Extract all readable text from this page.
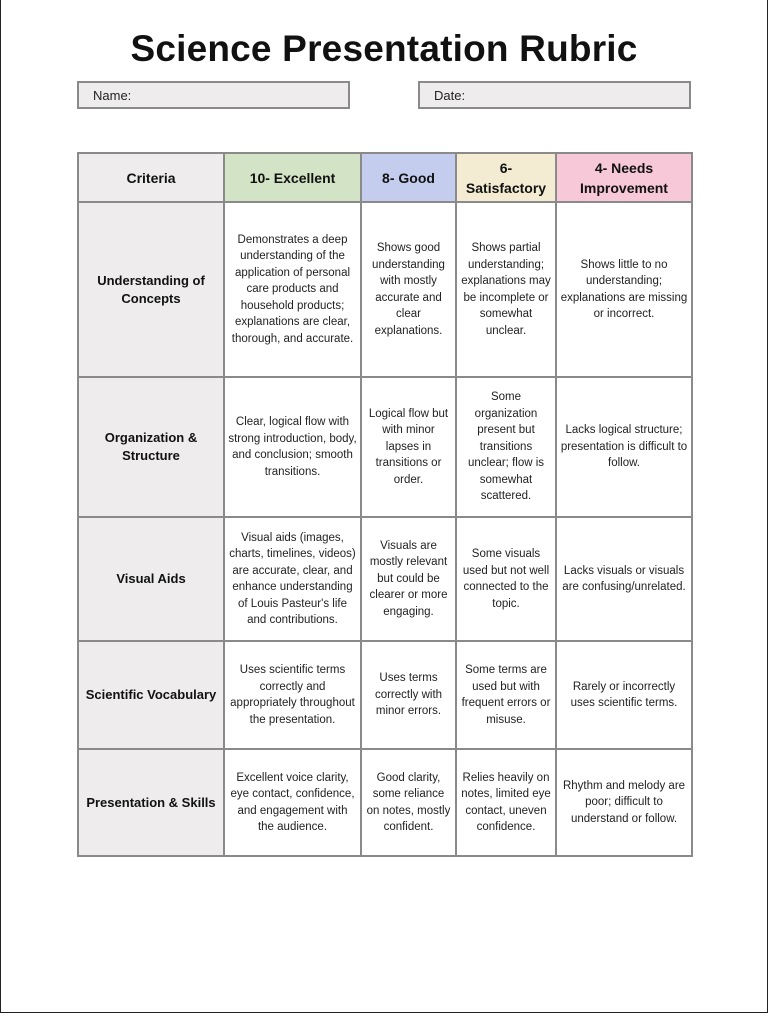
Science Presentation Rubric
Name:	Date:
Criteria	10- Excellent	8- Good	6- Satisfactory	4- Needs Improvement
Understanding of Concepts	Demonstrates a deep understanding of the application of personal care products and household products; explanations are clear, thorough, and accurate.	Shows good understanding with mostly accurate and clear explanations.	Shows partial understanding; explanations may be incomplete or somewhat unclear.	Shows little to no understanding; explanations are missing or incorrect.
Organization & Structure	Clear, logical flow with strong introduction, body, and conclusion; smooth transitions.	Logical flow but with minor lapses in transitions or order.	Some organization present but transitions unclear; flow is somewhat scattered.	Lacks logical structure; presentation is difficult to follow.
Visual Aids	Visual aids (images, charts, timelines, videos) are accurate, clear, and enhance understanding of Louis Pasteur's life and contributions.	Visuals are mostly relevant but could be clearer or more engaging.	Some visuals used but not well connected to the topic.	Lacks visuals or visuals are confusing/unrelated.
Scientific Vocabulary	Uses scientific terms correctly and appropriately throughout the presentation.	Uses terms correctly with minor errors.	Some terms are used but with frequent errors or misuse.	Rarely or incorrectly uses scientific terms.
Presentation & Skills	Excellent voice clarity, eye contact, confidence, and engagement with the audience.	Good clarity, some reliance on notes, mostly confident.	Relies heavily on notes, limited eye contact, uneven confidence.	Rhythm and melody are poor; difficult to understand or follow.
